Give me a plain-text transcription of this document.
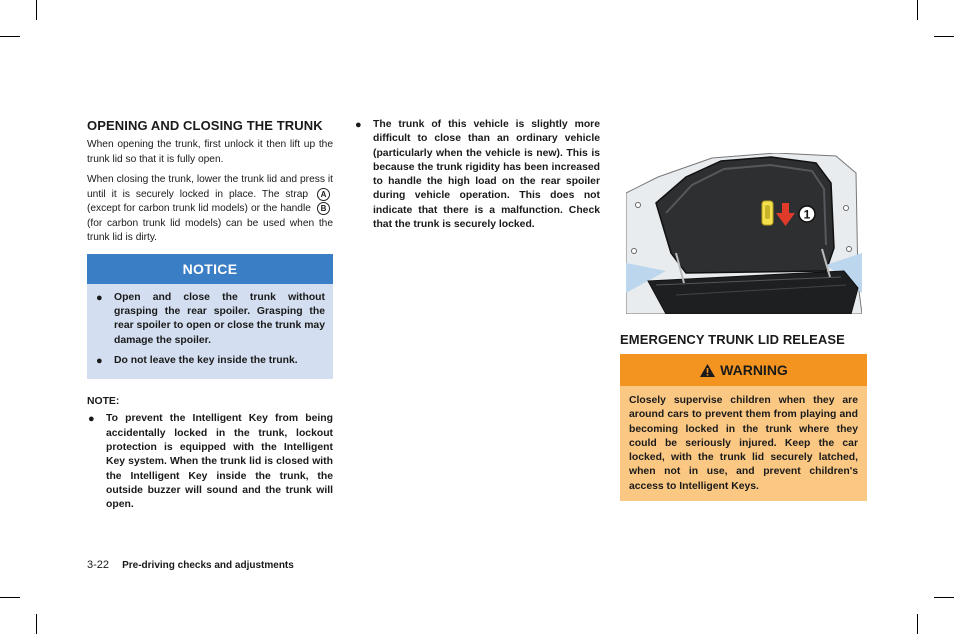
OPENING AND CLOSING THE TRUNK

When opening the trunk, first unlock it then lift up the trunk lid so that it is fully open.

When closing the trunk, lower the trunk lid and press it until it is securely locked in place. The strap A (except for carbon trunk lid models) or the handle B (for carbon trunk lid models) can be used when the trunk lid is dirty.

NOTICE
● Open and close the trunk without grasping the rear spoiler. Grasping the rear spoiler to open or close the trunk may damage the spoiler.
● Do not leave the key inside the trunk.
NOTE:
● To prevent the Intelligent Key from being accidentally locked in the trunk, lockout protection is equipped with the Intelligent Key system. When the trunk lid is closed with the Intelligent Key inside the trunk, the outside buzzer will sound and the trunk will open.
● The trunk of this vehicle is slightly more difficult to close than an ordinary vehicle (particularly when the vehicle is new). This is because the trunk rigidity has been increased to handle the high load on the rear spoiler during vehicle operation. This does not indicate that there is a malfunction. Check that the trunk is securely locked.
1
EMERGENCY TRUNK LID RELEASE
WARNING
Closely supervise children when they are around cars to prevent them from playing and becoming locked in the trunk where they could be seriously injured. Keep the car locked, with the trunk lid securely latched, when not in use, and prevent children's access to Intelligent Keys.
3-22 Pre-driving checks and adjustments
